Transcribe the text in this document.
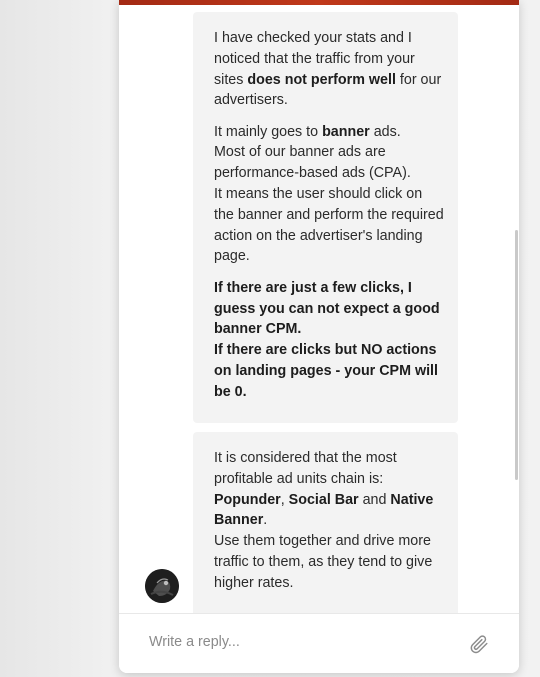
I have checked your stats and I noticed that the traffic from your sites does not perform well for our advertisers.

It mainly goes to banner ads.
Most of our banner ads are performance-based ads (CPA).
It means the user should click on the banner and perform the required action on the advertiser's landing page.

If there are just a few clicks, I guess you can not expect a good banner CPM.
If there are clicks but NO actions on landing pages - your CPM will be 0.

It is considered that the most profitable ad units chain is:
Popunder, Social Bar and Native Banner.
Use them together and drive more traffic to them, as they tend to give higher rates.

Write a reply...
